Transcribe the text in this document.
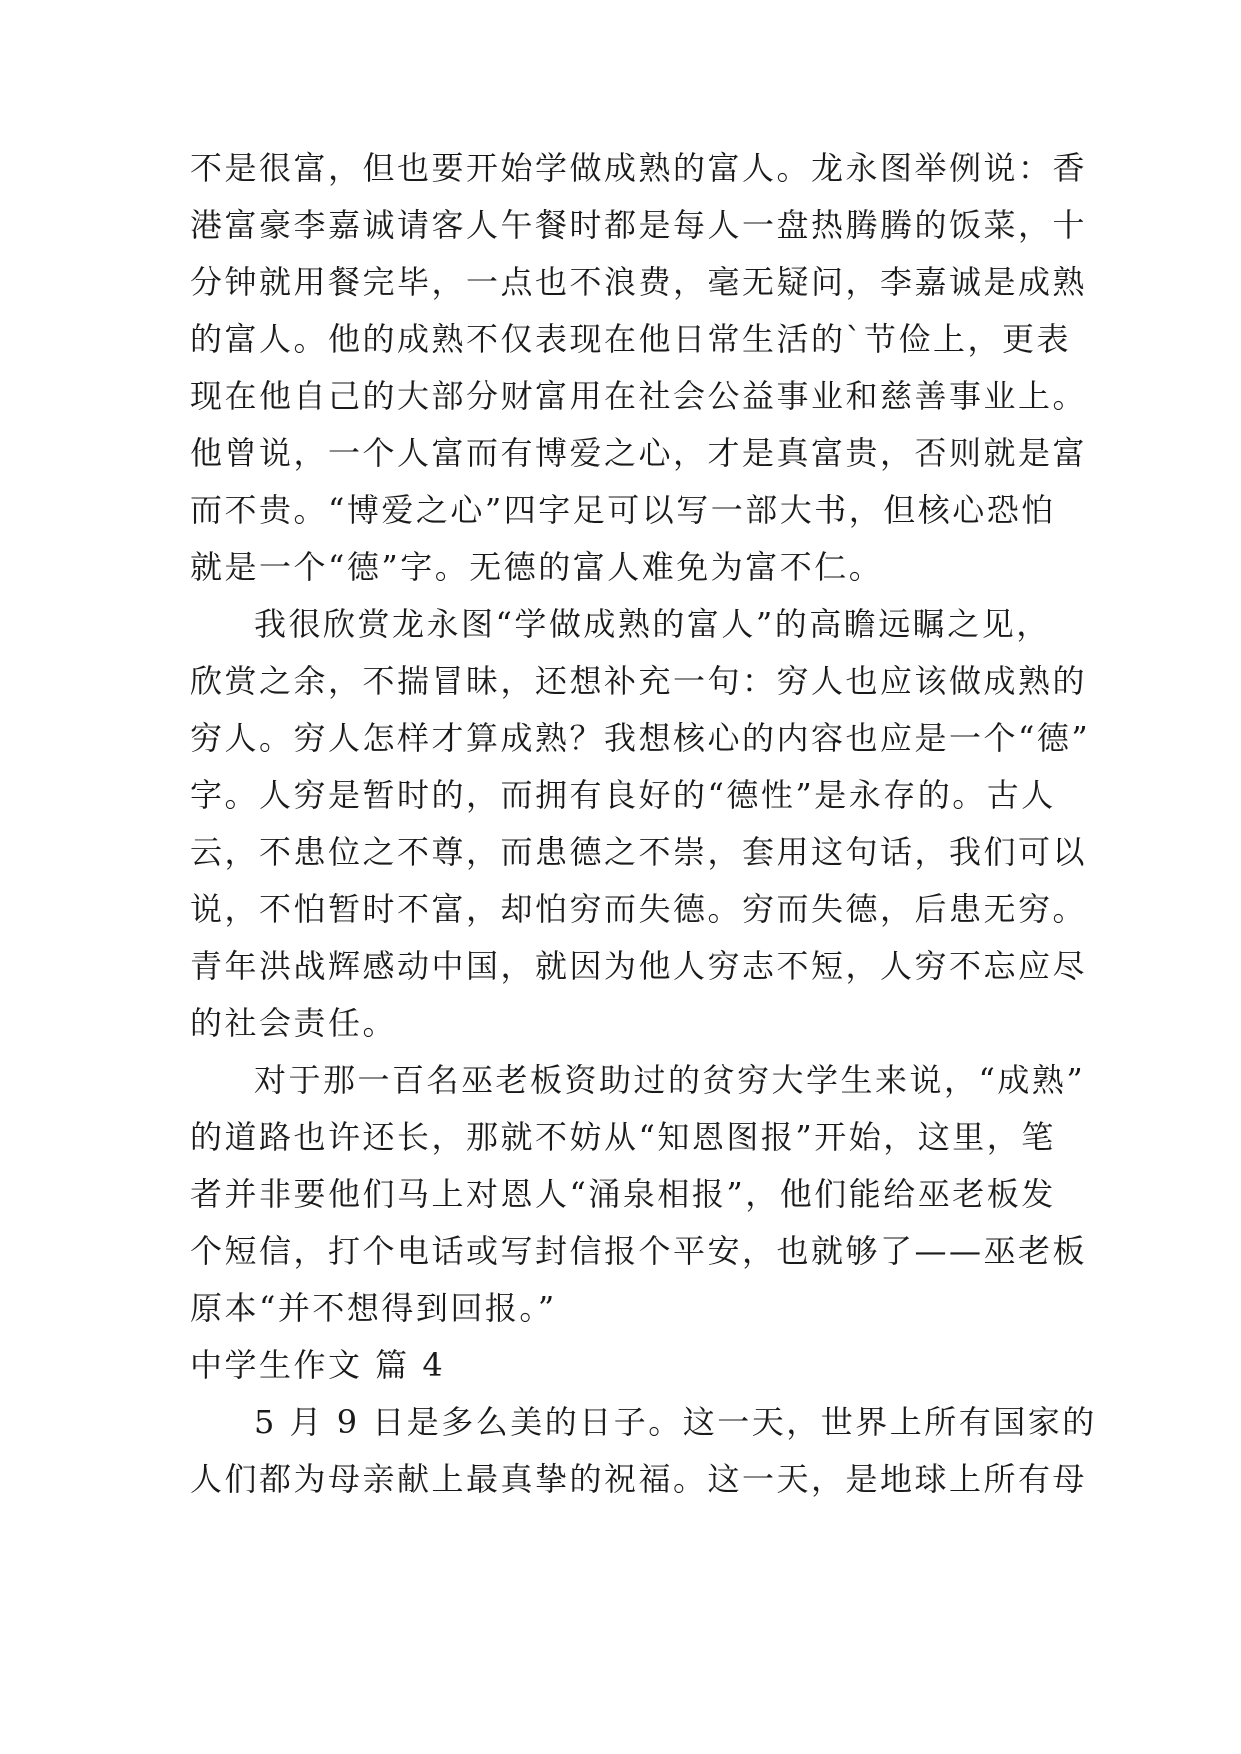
不是很富，但也要开始学做成熟的富人。龙永图举例说：香
港富豪李嘉诚请客人午餐时都是每人一盘热腾腾的饭菜，十
分钟就用餐完毕，一点也不浪费，毫无疑问，李嘉诚是成熟
的富人。他的成熟不仅表现在他日常生活的`节俭上，更表
现在他自己的大部分财富用在社会公益事业和慈善事业上。
他曾说，一个人富而有博爱之心，才是真富贵，否则就是富
而不贵。“博爱之心”四字足可以写一部大书，但核心恐怕
就是一个“德”字。无德的富人难免为富不仁。
我很欣赏龙永图“学做成熟的富人”的高瞻远瞩之见，
欣赏之余，不揣冒昧，还想补充一句：穷人也应该做成熟的
穷人。穷人怎样才算成熟？我想核心的内容也应是一个“德”
字。人穷是暂时的，而拥有良好的“德性”是永存的。古人
云，不患位之不尊，而患德之不崇，套用这句话，我们可以
说，不怕暂时不富，却怕穷而失德。穷而失德，后患无穷。
青年洪战辉感动中国，就因为他人穷志不短，人穷不忘应尽
的社会责任。
对于那一百名巫老板资助过的贫穷大学生来说，“成熟”
的道路也许还长，那就不妨从“知恩图报”开始，这里，笔
者并非要他们马上对恩人“涌泉相报”，他们能给巫老板发
个短信，打个电话或写封信报个平安，也就够了——巫老板
原本“并不想得到回报。”
中学生作文 篇 4
5 月 9 日是多么美的日子。这一天，世界上所有国家的
人们都为母亲献上最真挚的祝福。这一天，是地球上所有母
